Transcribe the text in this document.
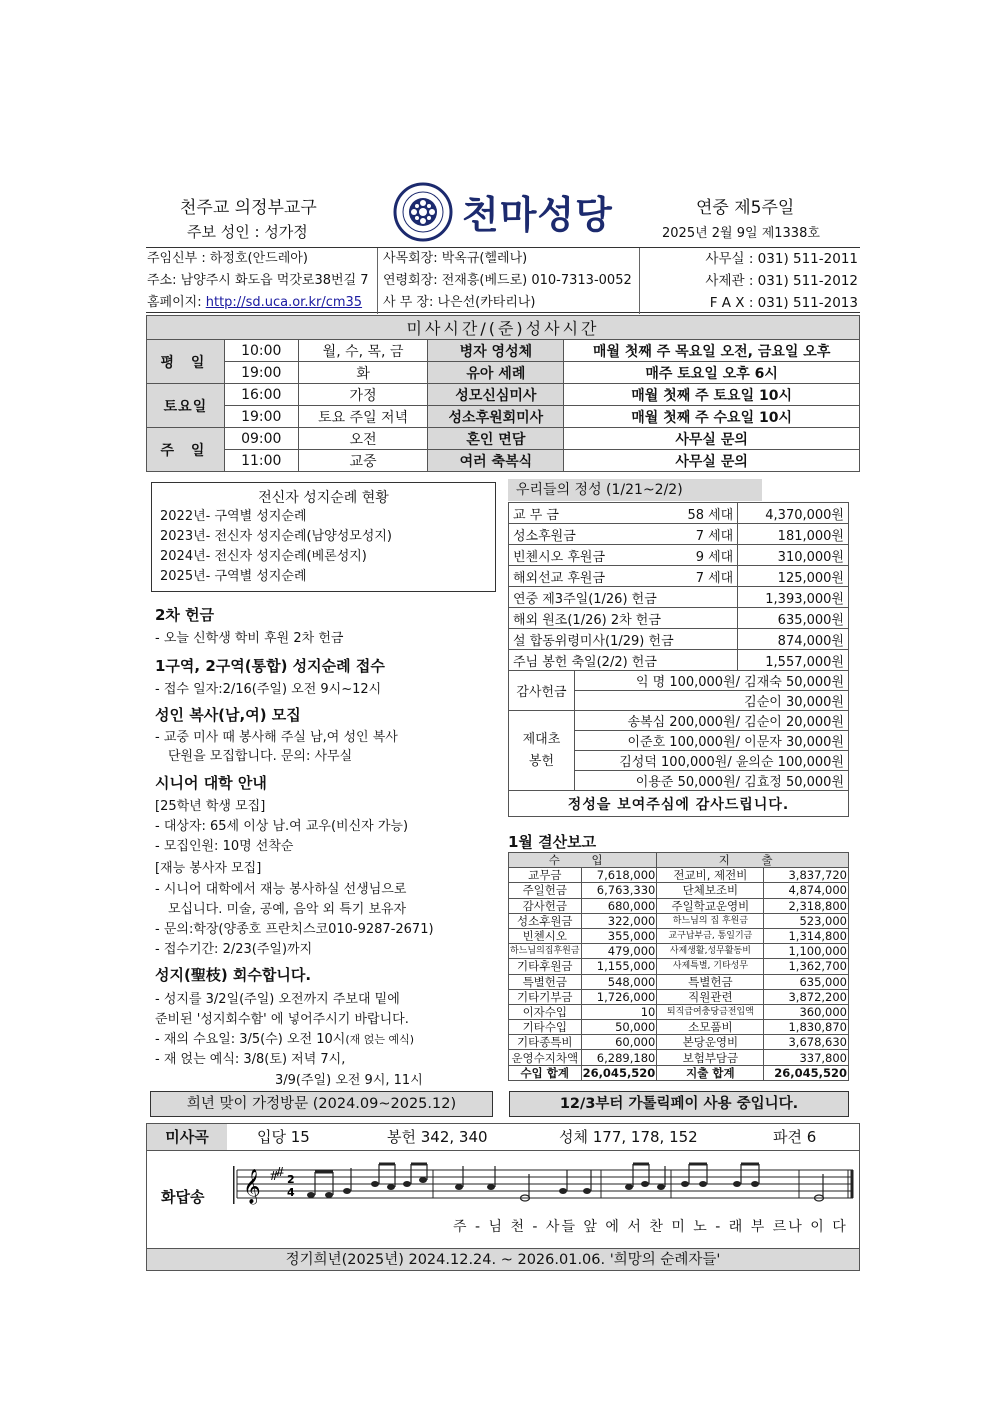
천주교 의정부교구
주보 성인 : 성가정	천마성당	연중 제5주일
2025년 2월 9일 제1338호
주임신부 : 하정호(안드레아)
주소: 남양주시 화도읍 먹갓로38번길 7
홈페이지: http://sd.uca.or.kr/cm35
사목회장: 박옥규(헬레나)
연령회장: 전재흥(베드로) 010-7313-0052
사 무 장: 나은선(카타리나)
사무실 : 031) 511-2011
사제관 : 031) 511-2012
F A X : 031) 511-2013
미사시간/(준)성사시간				
평 일	10:00	월, 수, 목, 금	병자 영성체	매월 첫째 주 목요일 오전, 금요일 오후
	19:00	화	유아 세례	매주 토요일 오후 6시
토요일	16:00	가정	성모신심미사	매월 첫째 주 토요일 10시
	19:00	토요 주일 저녁	성소후원회미사	매월 첫째 주 수요일 10시
주 일	09:00	오전	혼인 면담	사무실 문의
	11:00	교중	여러 축복식	사무실 문의
전신자 성지순례 현황
2022년- 구역별 성지순례
2023년- 전신자 성지순례(남양성모성지)
2024년- 전신자 성지순례(베론성지)
2025년- 구역별 성지순례
2차 헌금
- 오늘 신학생 학비 후원 2차 헌금
1구역, 2구역(통합) 성지순례 접수
- 접수 일자:2/16(주일) 오전 9시~12시
성인 복사(남,여) 모집
- 교중 미사 때 봉사해 주실 남,여 성인 복사
단원을 모집합니다. 문의: 사무실
시니어 대학 안내
[25학년 학생 모집]
- 대상자: 65세 이상 남.여 교우(비신자 가능)
- 모집인원: 10명 선착순
[재능 봉사자 모집]
- 시니어 대학에서 재능 봉사하실 선생님으로
모십니다. 미술, 공예, 음악 외 특기 보유자
- 문의:학장(양종호 프란치스코010-9287-2671)
- 접수기간: 2/23(주일)까지
성지(聖枝) 회수합니다.
- 성지를 3/2일(주일) 오전까지 주보대 밑에
준비된 '성지회수함' 에 넣어주시기 바랍니다.
- 재의 수요일: 3/5(수) 오전 10시(재 얹는 예식)
- 재 얹는 예식: 3/8(토) 저녁 7시,
3/9(주일) 오전 9시, 11시
우리들의 정성 (1/21~2/2)
교 무 금 58 세대		4,370,000원
성소후원금 7 세대		181,000원
빈첸시오 후원금 9 세대		310,000원
해외선교 후원금 7 세대		125,000원
연중 제3주일(1/26) 헌금		1,393,000원
해외 원조(1/26) 2차 헌금		635,000원
설 합동위령미사(1/29) 헌금		874,000원
주님 봉헌 축일(2/2) 헌금		1,557,000원
감사헌금	익 명 100,000원/ 김재숙 50,000원	
	김순이 30,000원	
제대초
봉헌	송복심 200,000원/ 김순이 20,000원	
	이준호 100,000원/ 이문자 30,000원	
	김성덕 100,000원/ 윤의순 100,000원	
	이용준 50,000원/ 김효정 50,000원	
정성을 보여주심에 감사드립니다.		
1월 결산보고
수 입		지 출	
교무금	7,618,000	전교비, 제전비	3,837,720
주일헌금	6,763,330	단체보조비	4,874,000
감사헌금	680,000	주일학교운영비	2,318,800
성소후원금	322,000	하느님의 집 후원금	523,000
빈첸시오	355,000	교구납부금, 통일기금	1,314,800
하느님의집후원금	479,000	사제생활,성무활동비	1,100,000
기타후원금	1,155,000	사제특별, 기타성무	1,362,700
특별헌금	548,000	특별헌금	635,000
기타기부금	1,726,000	직원관련	3,872,200
이자수입	10	퇴직급여충당금전입액	360,000
기타수입	50,000	소모품비	1,830,870
기타종특비	60,000	본당운영비	3,678,630
운영수지차액	6,289,180	보험부담금	337,800
수입 합계	26,045,520	지출 합계	26,045,520
희년 맞이 가정방문 (2024.09~2025.12)	12/3부터 가톨릭페이 사용 중입니다.
미사곡	입당 15	봉헌 342, 340	성체 177, 178, 152	파견 6
화답송 𝄞 #
#
2
4
주 - 님 천 - 사들 앞 에 서 찬 미 노 - 래 부 르나 이 다
정기희년(2025년) 2024.12.24. ~ 2026.01.06. '희망의 순례자들'
